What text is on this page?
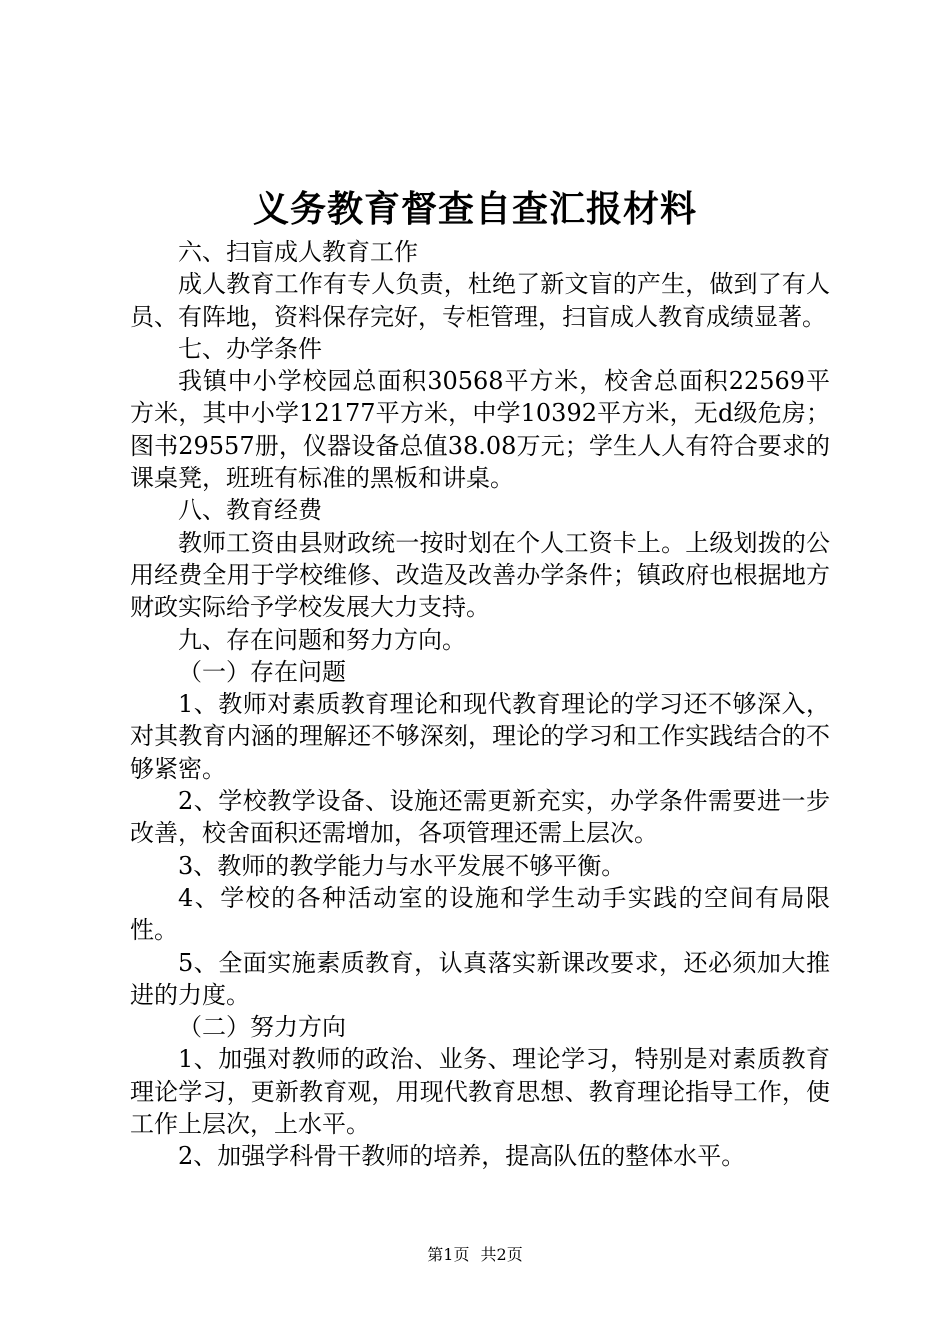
义务教育督查自查汇报材料

六、扫盲成人教育工作

成人教育工作有专人负责，杜绝了新文盲的产生，做到了有人员、有阵地，资料保存完好，专柜管理，扫盲成人教育成绩显著。

七、办学条件

我镇中小学校园总面积30568平方米，校舍总面积22569平方米，其中小学12177平方米，中学10392平方米，无d级危房；图书29557册，仪器设备总值38.08万元；学生人人有符合要求的课桌凳，班班有标准的黑板和讲桌。

八、教育经费

教师工资由县财政统一按时划在个人工资卡上。上级划拨的公用经费全用于学校维修、改造及改善办学条件；镇政府也根据地方财政实际给予学校发展大力支持。

九、存在问题和努力方向。

（一）存在问题

1、教师对素质教育理论和现代教育理论的学习还不够深入，对其教育内涵的理解还不够深刻，理论的学习和工作实践结合的不够紧密。

2、学校教学设备、设施还需更新充实，办学条件需要进一步改善，校舍面积还需增加，各项管理还需上层次。

3、教师的教学能力与水平发展不够平衡。

4、学校的各种活动室的设施和学生动手实践的空间有局限性。

5、全面实施素质教育，认真落实新课改要求，还必须加大推进的力度。

（二）努力方向

1、加强对教师的政治、业务、理论学习，特别是对素质教育理论学习，更新教育观，用现代教育思想、教育理论指导工作，使工作上层次，上水平。

2、加强学科骨干教师的培养，提高队伍的整体水平。

第1页 共2页
